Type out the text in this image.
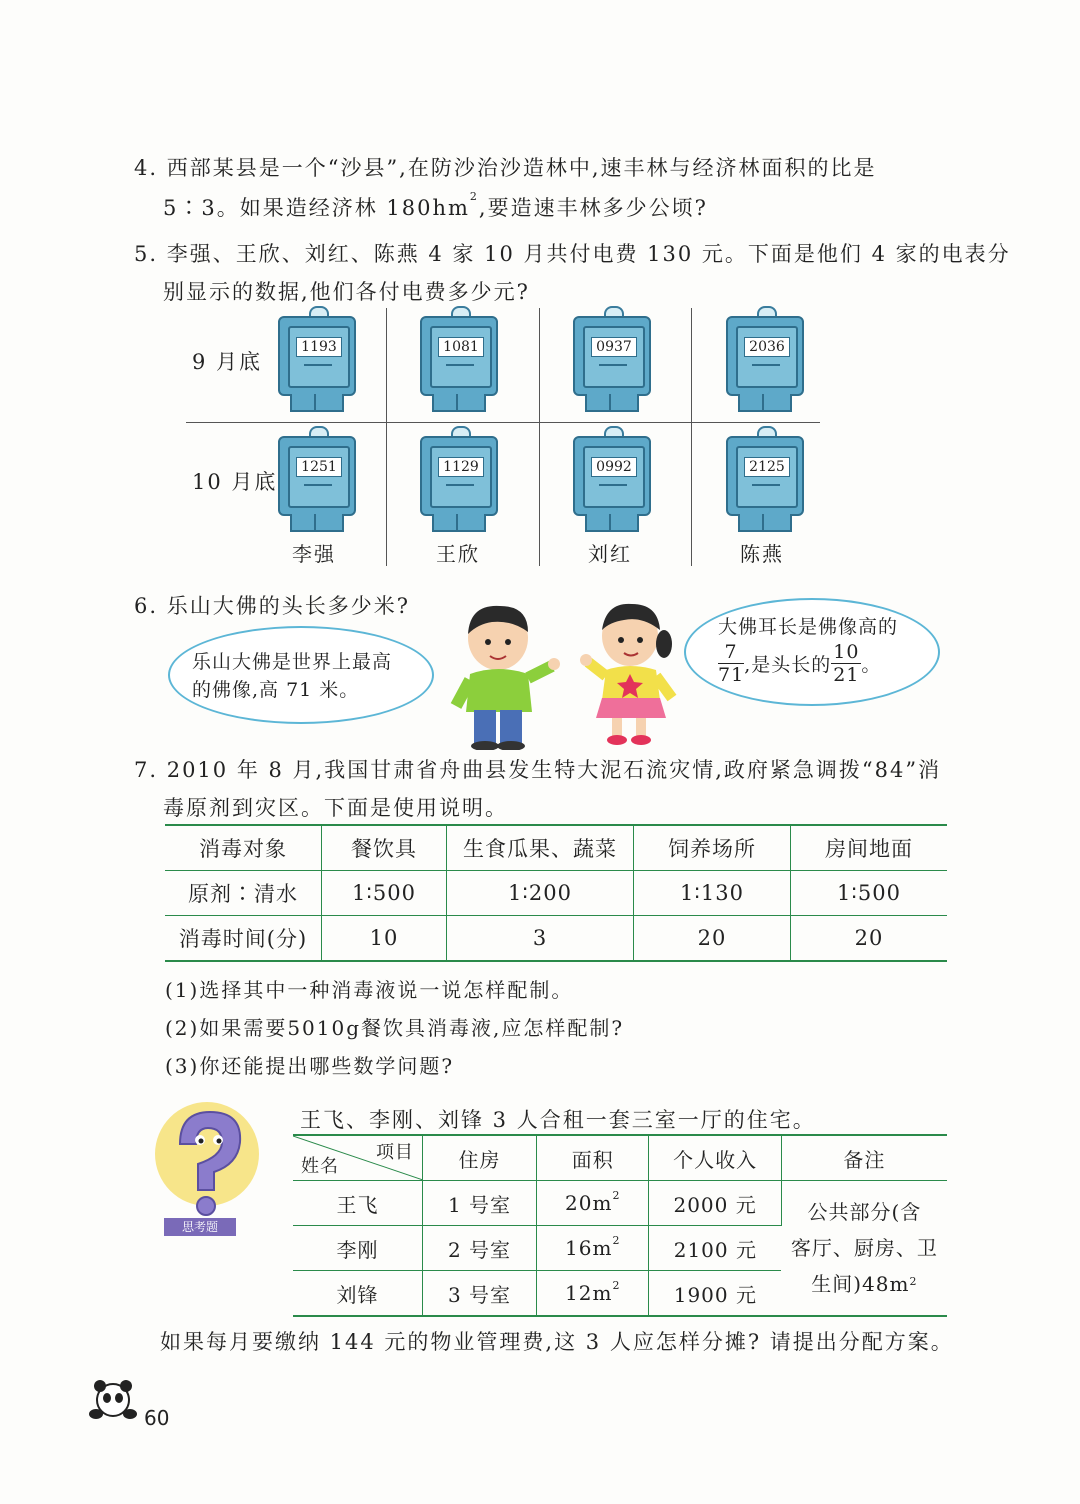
4. 西部某县是一个“沙县”,在防沙治沙造林中,速丰林与经济林面积的比是
5∶3。如果造经济林 $180hm^2$,要造速丰林多少公顷?
5. 李强、王欣、刘红、陈燕 4 家 10 月共付电费 130 元。下面是他们 4 家的电表分
别显示的数据,他们各付电费多少元?
9 月底
10 月底
1193	1081	0937	2036
1251	1129	0992	2125
李强	王欣	刘红	陈燕
6. 乐山大佛的头长多少米?
乐山大佛是世界上最高
的佛像,高 71 米。
大佛耳长是佛像高的
$\frac{7}{71}$ ,是头长的 $\frac{10}{21}$ 。
7. 2010 年 8 月,我国甘肃省舟曲县发生特大泥石流灾情,政府紧急调拨“84”消
毒原剂到灾区。下面是使用说明。
消毒对象	餐饮具	生食瓜果、蔬菜	饲养场所	房间地面
原剂∶清水	1∶500	1∶200	1∶130	1∶500
消毒时间(分)	10	3	20	20
(1)选择其中一种消毒液说一说怎样配制。
(2)如果需要5010g餐饮具消毒液,应怎样配制?
(3)你还能提出哪些数学问题?
思考题
王飞、李刚、刘锋 3 人合租一套三室一厅的住宅。
项目
姓名	住房	面积	个人收入	备注
王飞	1 号室	$20m^2$	2000 元	公共部分(含
客厅、厨房、卫
生间)$48m^2$

李刚	2 号室	$16m^2$	2100 元	
刘锋	3 号室	$12m^2$	1900 元	
如果每月要缴纳 144 元的物业管理费,这 3 人应怎样分摊? 请提出分配方案。
60
